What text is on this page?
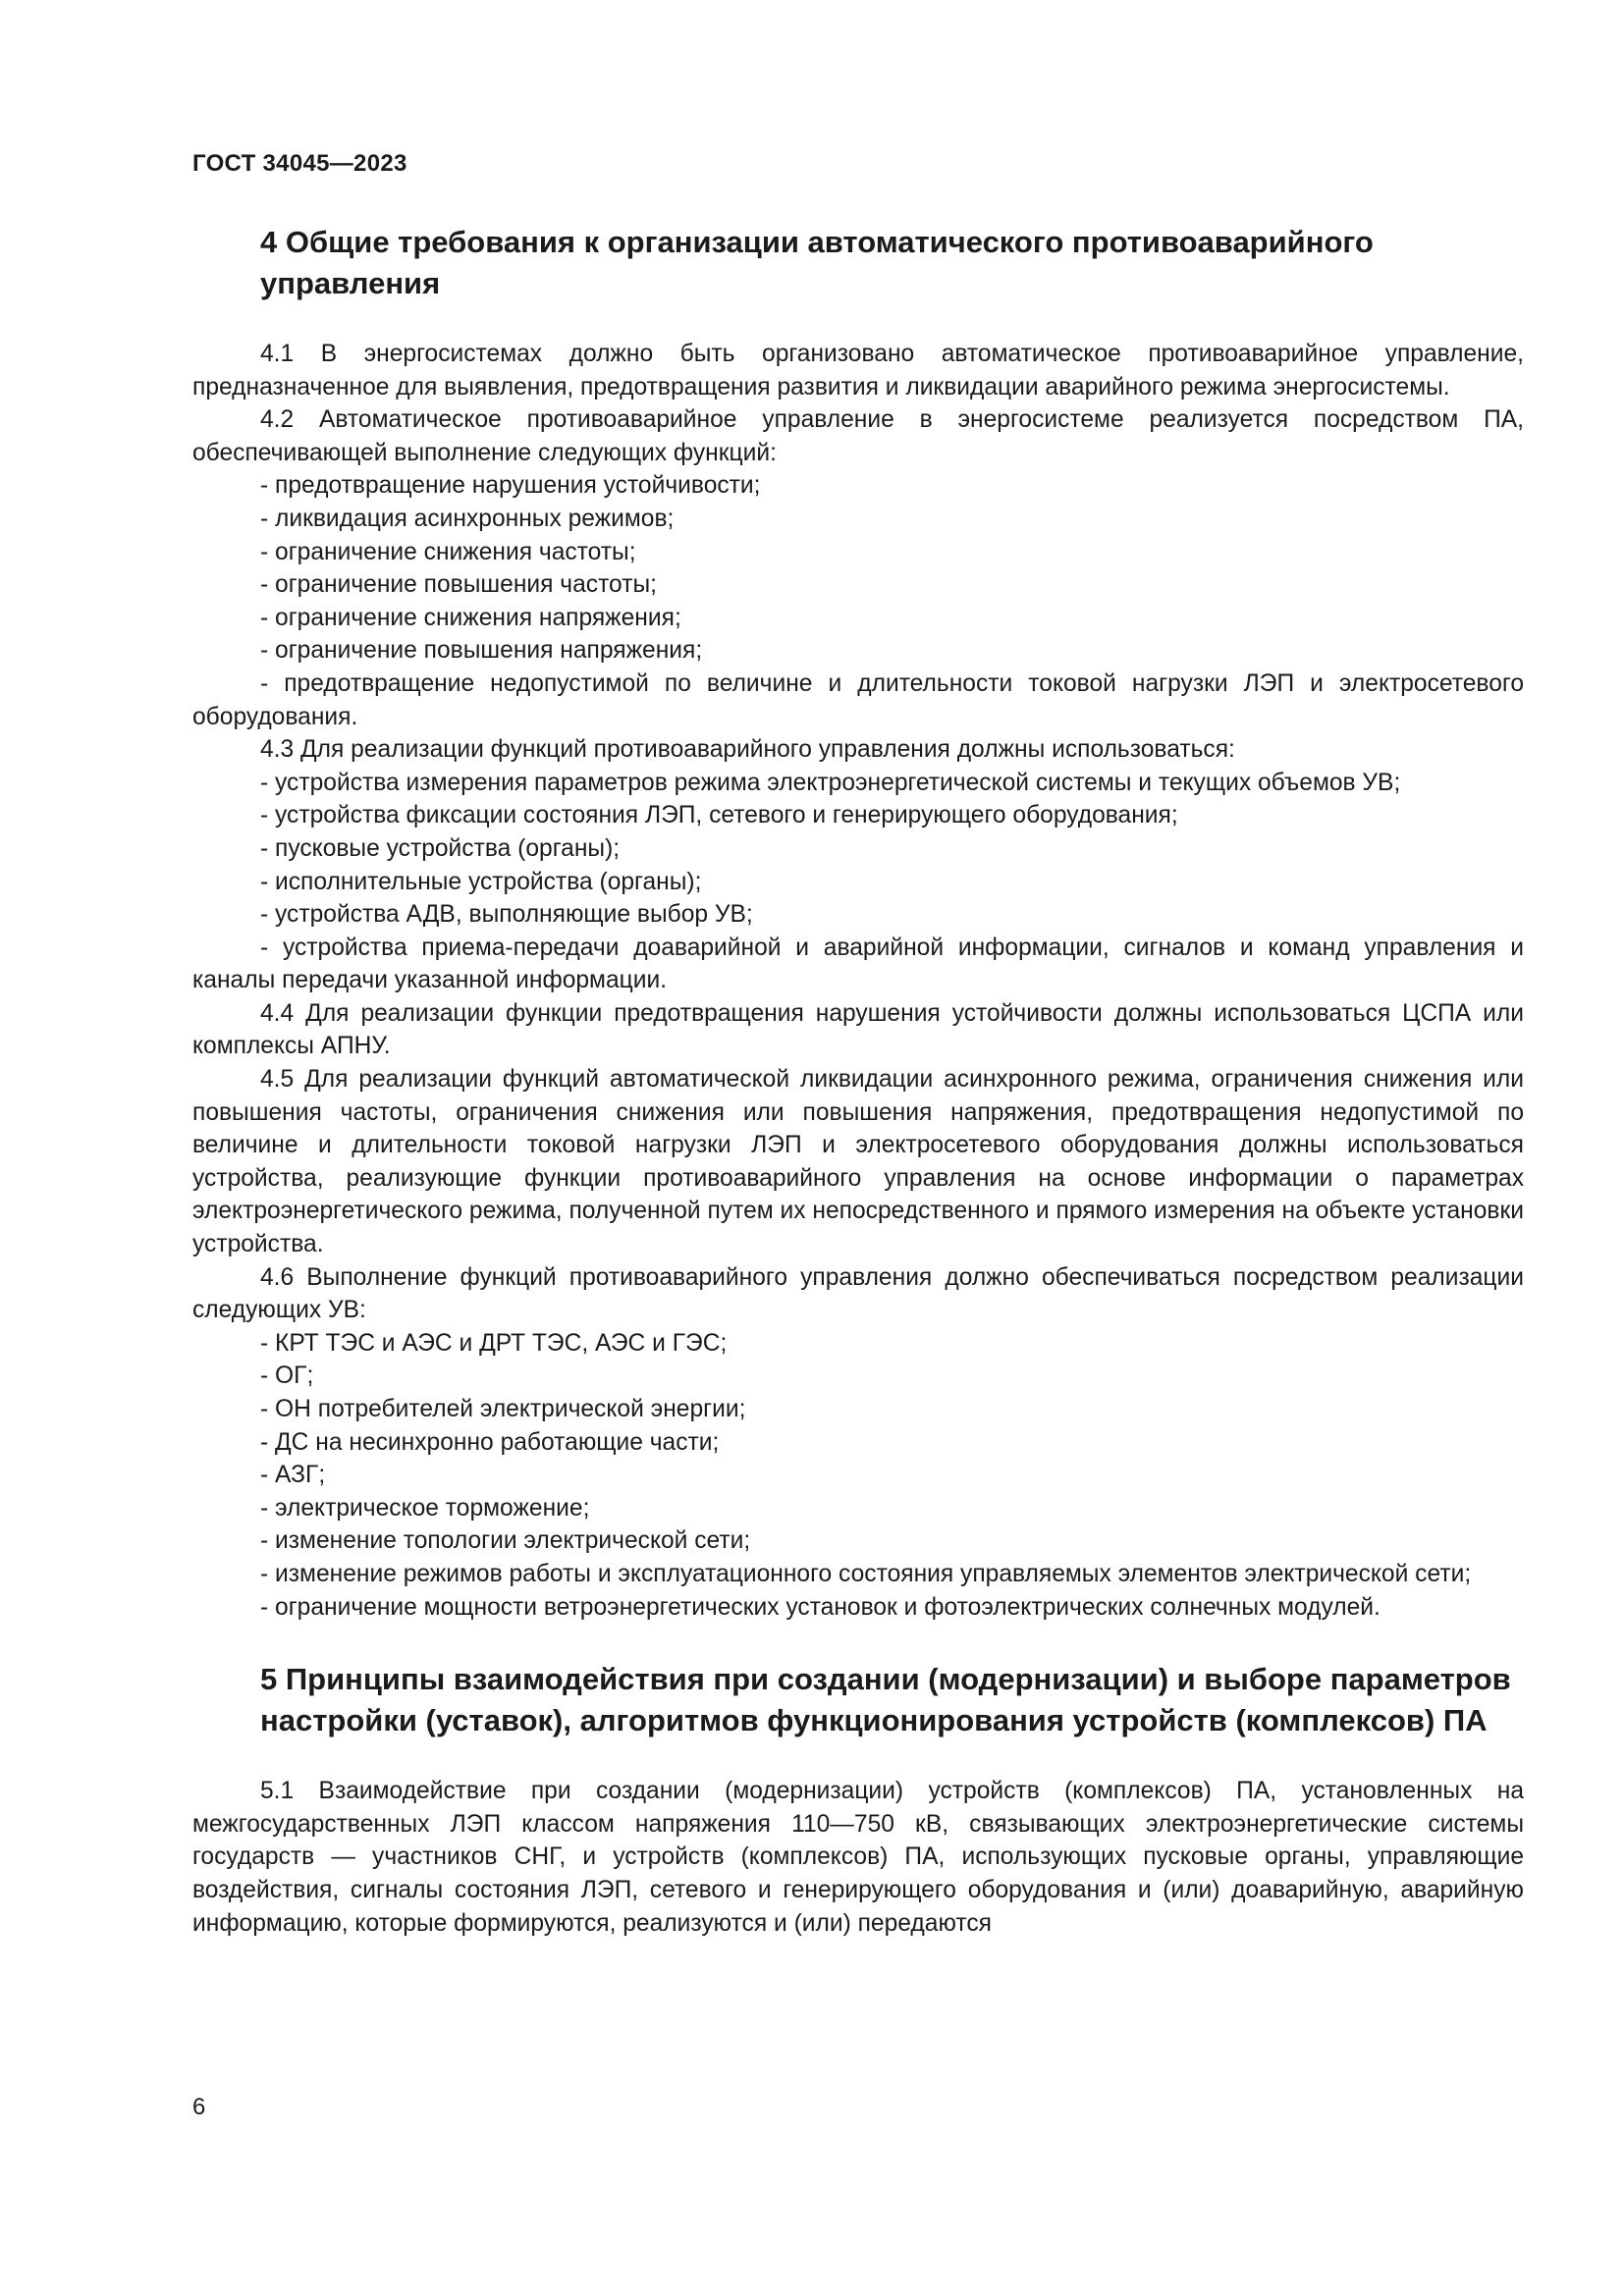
ГОСТ 34045—2023
4 Общие требования к организации автоматического противоаварийного управления

4.1 В энергосистемах должно быть организовано автоматическое противоаварийное управление, предназначенное для выявления, предотвращения развития и ликвидации аварийного режима энергосистемы.

4.2 Автоматическое противоаварийное управление в энергосистеме реализуется посредством ПА, обеспечивающей выполнение следующих функций:

- предотвращение нарушения устойчивости;

- ликвидация асинхронных режимов;

- ограничение снижения частоты;

- ограничение повышения частоты;

- ограничение снижения напряжения;

- ограничение повышения напряжения;

- предотвращение недопустимой по величине и длительности токовой нагрузки ЛЭП и электросетевого оборудования.

4.3 Для реализации функций противоаварийного управления должны использоваться:

- устройства измерения параметров режима электроэнергетической системы и текущих объемов УВ;

- устройства фиксации состояния ЛЭП, сетевого и генерирующего оборудования;

- пусковые устройства (органы);

- исполнительные устройства (органы);

- устройства АДВ, выполняющие выбор УВ;

- устройства приема-передачи доаварийной и аварийной информации, сигналов и команд управления и каналы передачи указанной информации.

4.4 Для реализации функции предотвращения нарушения устойчивости должны использоваться ЦСПА или комплексы АПНУ.

4.5 Для реализации функций автоматической ликвидации асинхронного режима, ограничения снижения или повышения частоты, ограничения снижения или повышения напряжения, предотвращения недопустимой по величине и длительности токовой нагрузки ЛЭП и электросетевого оборудования должны использоваться устройства, реализующие функции противоаварийного управления на основе информации о параметрах электроэнергетического режима, полученной путем их непосредственного и прямого измерения на объекте установки устройства.

4.6 Выполнение функций противоаварийного управления должно обеспечиваться посредством реализации следующих УВ:

- КРТ ТЭС и АЭС и ДРТ ТЭС, АЭС и ГЭС;

- ОГ;

- ОН потребителей электрической энергии;

- ДС на несинхронно работающие части;

- АЗГ;

- электрическое торможение;

- изменение топологии электрической сети;

- изменение режимов работы и эксплуатационного состояния управляемых элементов электрической сети;

- ограничение мощности ветроэнергетических установок и фотоэлектрических солнечных модулей.

5 Принципы взаимодействия при создании (модернизации) и выборе параметров настройки (уставок), алгоритмов функционирования устройств (комплексов) ПА

5.1 Взаимодействие при создании (модернизации) устройств (комплексов) ПА, установленных на межгосударственных ЛЭП классом напряжения 110—750 кВ, связывающих электроэнергетические системы государств — участников СНГ, и устройств (комплексов) ПА, использующих пусковые органы, управляющие воздействия, сигналы состояния ЛЭП, сетевого и генерирующего оборудования и (или) доаварийную, аварийную информацию, которые формируются, реализуются и (или) передаются

6
